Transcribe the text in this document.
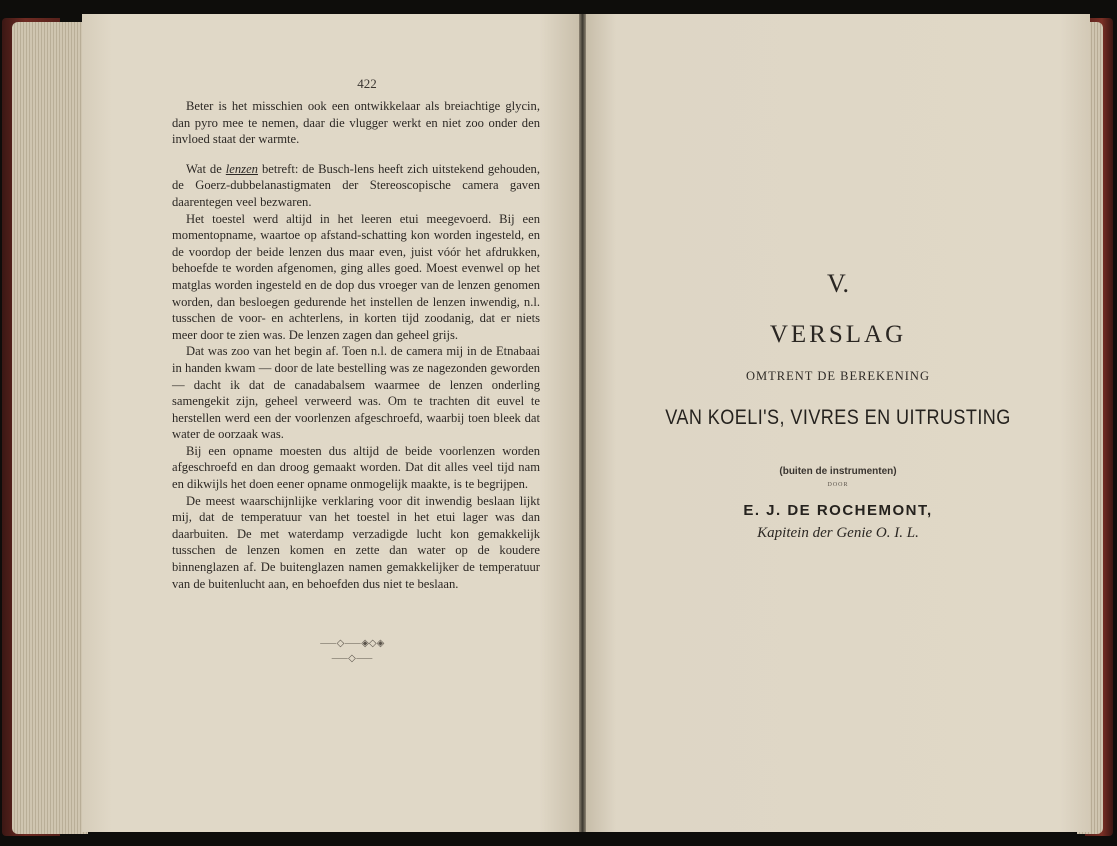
422

Beter is het misschien ook een ontwikkelaar als breiachtige glycin, dan pyro mee te nemen, daar die vlugger werkt en niet zoo onder den invloed staat der warmte.

Wat de lenzen betreft: de Busch-lens heeft zich uitstekend gehouden, de Goerz-dubbelanastigmaten der Stereoscopische camera gaven daarentegen veel bezwaren.

Het toestel werd altijd in het leeren etui meegevoerd. Bij een momentopname, waartoe op afstand-schatting kon worden ingesteld, en de voordop der beide lenzen dus maar even, juist vóór het afdrukken, behoefde te worden afgenomen, ging alles goed. Moest evenwel op het matglas worden ingesteld en de dop dus vroeger van de lenzen genomen worden, dan besloegen gedurende het instellen de lenzen inwendig, n.l. tusschen de voor- en achterlens, in korten tijd zoodanig, dat er niets meer door te zien was. De lenzen zagen dan geheel grijs.

Dat was zoo van het begin af. Toen n.l. de camera mij in de Etnabaai in handen kwam — door de late bestelling was ze nagezonden geworden — dacht ik dat de canadabalsem waarmee de lenzen onderling samengekit zijn, geheel verweerd was. Om te trachten dit euvel te herstellen werd een der voorlenzen afgeschroefd, waarbij toen bleek dat water de oorzaak was.

Bij een opname moesten dus altijd de beide voorlenzen worden afgeschroefd en dan droog gemaakt worden. Dat dit alles veel tijd nam en dikwijls het doen eener opname onmogelijk maakte, is te begrijpen.

De meest waarschijnlijke verklaring voor dit inwendig beslaan lijkt mij, dat de temperatuur van het toestel in het etui lager was dan daarbuiten. De met waterdamp verzadigde lucht kon gemakkelijk tusschen de lenzen komen en zette dan water op de koudere binnenglazen af. De buitenglazen namen gemakkelijker de temperatuur van de buitenlucht aan, en behoefden dus niet te beslaan.

⸺◇⸺◈◇◈⸺◇⸺
V.
VERSLAG
OMTRENT DE BEREKENING
VAN KOELI'S, VIVRES EN UITRUSTING
(buiten de instrumenten)
DOOR
E. J. DE ROCHEMONT,
Kapitein der Genie O. I. L.
